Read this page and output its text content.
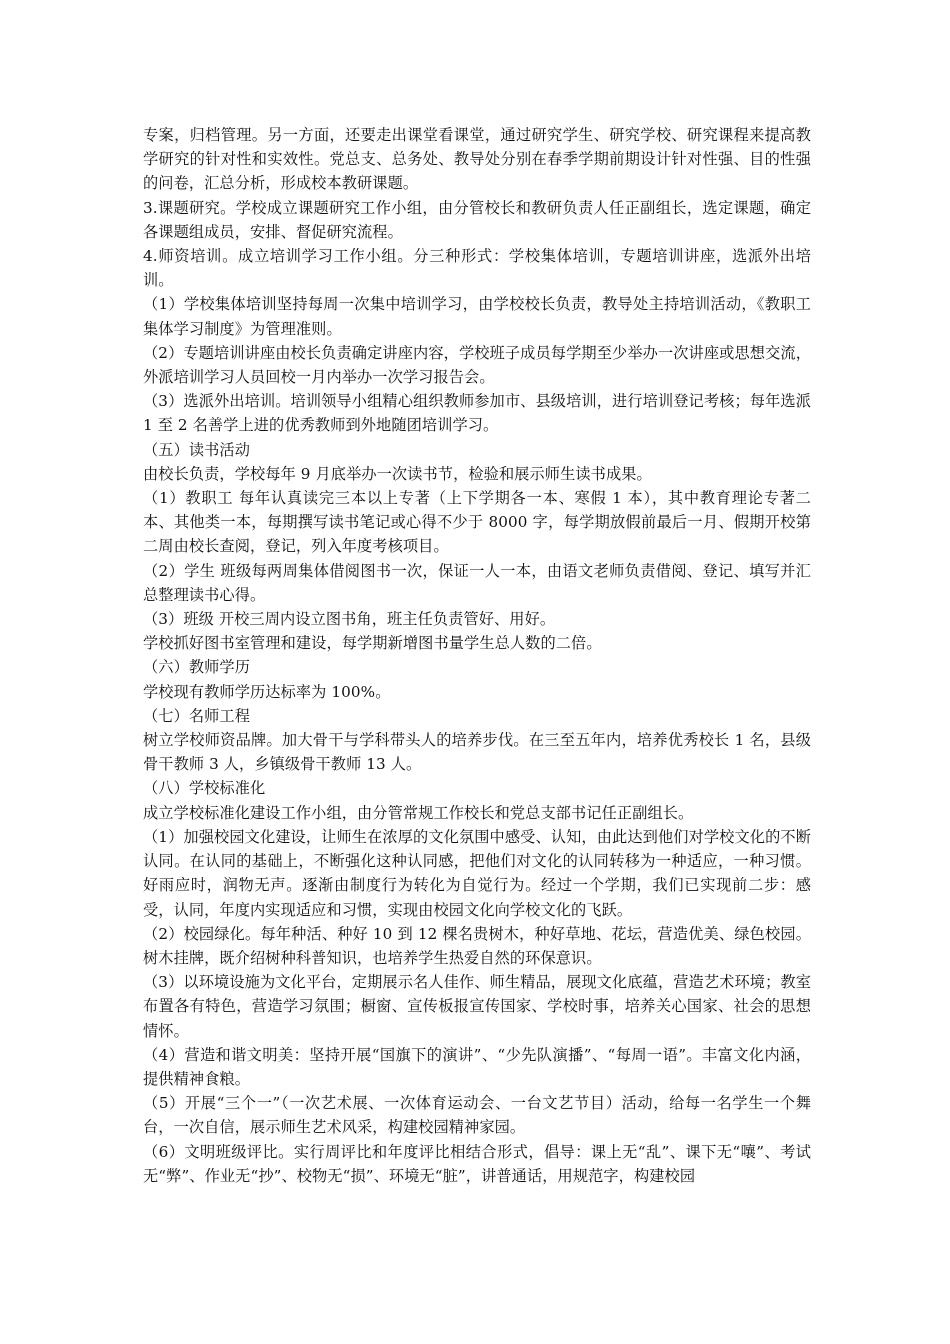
专案，归档管理。另一方面，还要走出课堂看课堂，通过研究学生、研究学校、研究课程来提高教学研究的针对性和实效性。党总支、总务处、教导处分别在春季学期前期设计针对性强、目的性强的问卷，汇总分析，形成校本教研课题。

3.课题研究。学校成立课题研究工作小组，由分管校长和教研负责人任正副组长，选定课题，确定各课题组成员，安排、督促研究流程。

4.师资培训。成立培训学习工作小组。分三种形式：学校集体培训，专题培训讲座，选派外出培训。

（1）学校集体培训坚持每周一次集中培训学习，由学校校长负责，教导处主持培训活动，《教职工集体学习制度》为管理准则。

（2）专题培训讲座由校长负责确定讲座内容，学校班子成员每学期至少举办一次讲座或思想交流，外派培训学习人员回校一月内举办一次学习报告会。

（3）选派外出培训。培训领导小组精心组织教师参加市、县级培训，进行培训登记考核；每年选派 1 至 2 名善学上进的优秀教师到外地随团培训学习。

（五）读书活动

由校长负责，学校每年 9 月底举办一次读书节，检验和展示师生读书成果。

（1）教职工 每年认真读完三本以上专著（上下学期各一本、寒假 1 本），其中教育理论专著二本、其他类一本，每期撰写读书笔记或心得不少于 8000 字，每学期放假前最后一月、假期开校第二周由校长查阅，登记，列入年度考核项目。

（2）学生 班级每两周集体借阅图书一次，保证一人一本，由语文老师负责借阅、登记、填写并汇总整理读书心得。

（3）班级 开校三周内设立图书角，班主任负责管好、用好。

学校抓好图书室管理和建设，每学期新增图书量学生总人数的二倍。

（六）教师学历

学校现有教师学历达标率为 100%。

（七）名师工程

树立学校师资品牌。加大骨干与学科带头人的培养步伐。在三至五年内，培养优秀校长 1 名，县级骨干教师 3 人，乡镇级骨干教师 13 人。

（八）学校标准化

成立学校标准化建设工作小组，由分管常规工作校长和党总支部书记任正副组长。

（1）加强校园文化建设，让师生在浓厚的文化氛围中感受、认知，由此达到他们对学校文化的不断认同。在认同的基础上，不断强化这种认同感，把他们对文化的认同转移为一种适应，一种习惯。好雨应时，润物无声。逐渐由制度行为转化为自觉行为。经过一个学期，我们已实现前二步：感受，认同，年度内实现适应和习惯，实现由校园文化向学校文化的飞跃。

（2）校园绿化。每年种活、种好 10 到 12 棵名贵树木，种好草地、花坛，营造优美、绿色校园。树木挂牌，既介绍树种科普知识，也培养学生热爱自然的环保意识。

（3）以环境设施为文化平台，定期展示名人佳作、师生精品，展现文化底蕴，营造艺术环境；教室布置各有特色，营造学习氛围；橱窗、宣传板报宣传国家、学校时事，培养关心国家、社会的思想情怀。

（4）营造和谐文明美：坚持开展“国旗下的演讲”、“少先队演播”、“每周一语”。丰富文化内涵，提供精神食粮。

（5）开展“三个一”（一次艺术展、一次体育运动会、一台文艺节目）活动，给每一名学生一个舞台，一次自信，展示师生艺术风采，构建校园精神家园。

（6）文明班级评比。实行周评比和年度评比相结合形式，倡导：课上无“乱”、课下无“嚷”、考试无“弊”、作业无“抄”、校物无“损”、环境无“脏”，讲普通话，用规范字，构建校园
